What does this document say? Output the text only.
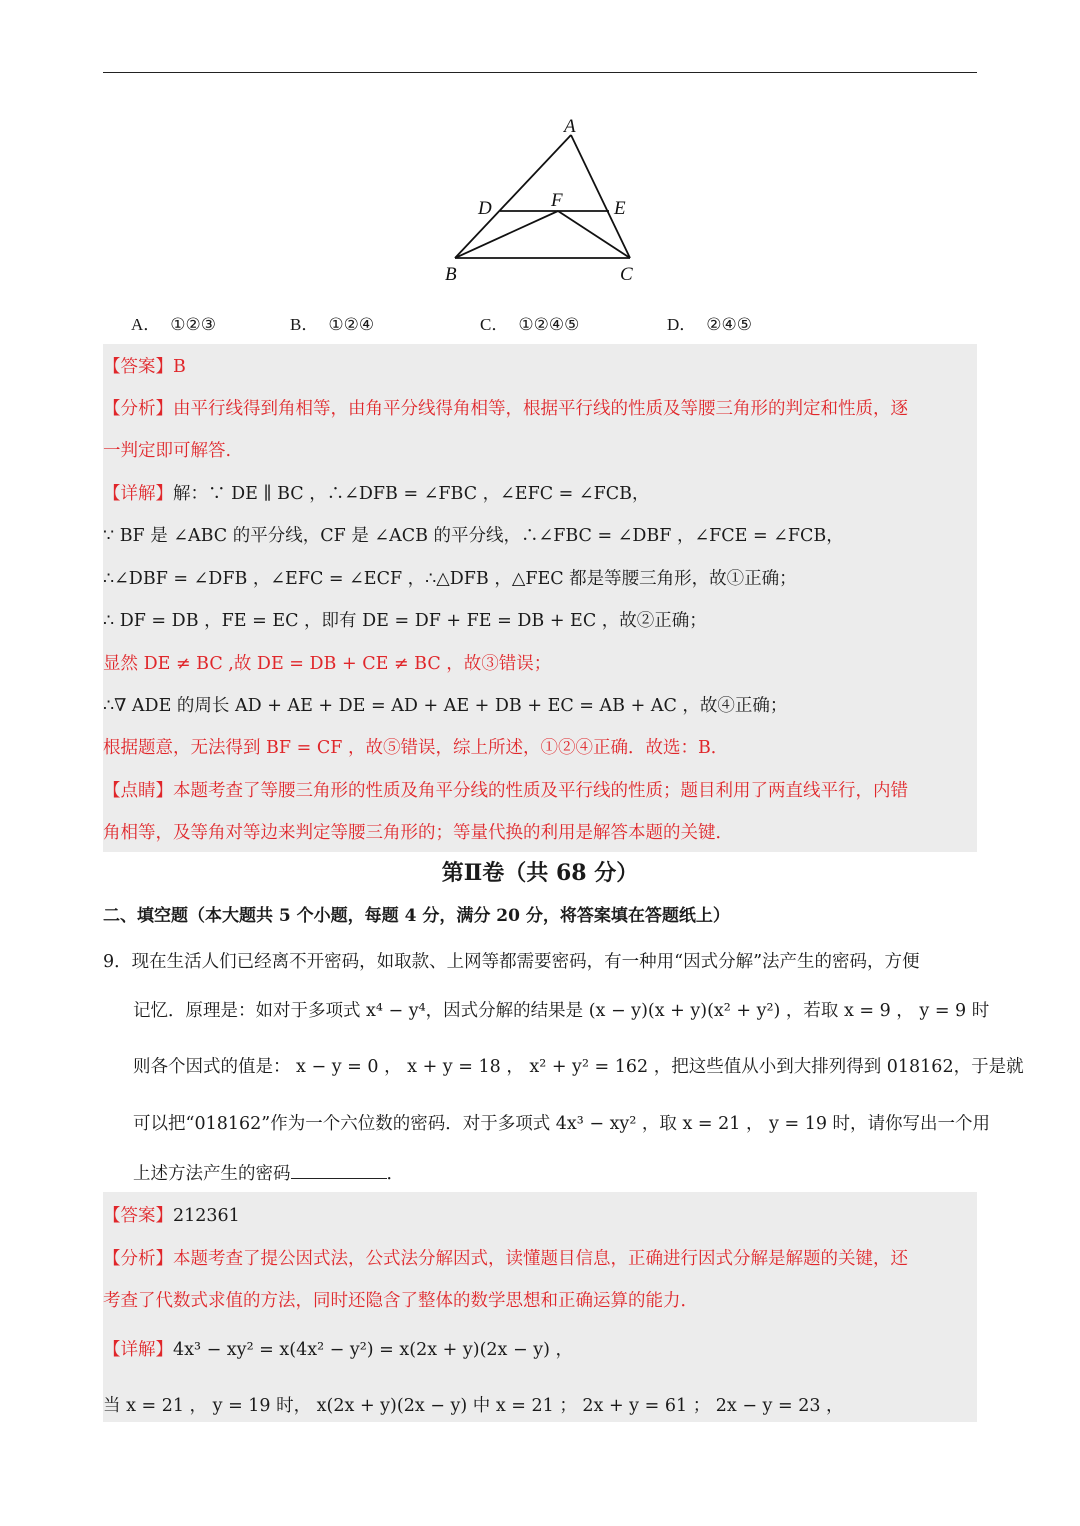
A
D	F	E
B	C
A． ①②③	B． ①②④	C． ①②④⑤	D． ②④⑤
【答案】B
【分析】由平行线得到角相等，由角平分线得角相等，根据平行线的性质及等腰三角形的判定和性质，逐
一判定即可解答.
【详解】解：∵ DE ∥ BC ，∴∠DFB = ∠FBC ，∠EFC = ∠FCB，
∵ BF 是 ∠ABC 的平分线，CF 是 ∠ACB 的平分线，∴∠FBC = ∠DBF ，∠FCE = ∠FCB，
∴∠DBF = ∠DFB ，∠EFC = ∠ECF ，∴△DFB ，△FEC 都是等腰三角形，故①正确；
∴ DF = DB ，FE = EC ，即有 DE = DF + FE = DB + EC ，故②正确；
显然 DE ≠ BC ,故 DE = DB + CE ≠ BC ，故③错误；
∴∇ ADE 的周长 AD + AE + DE = AD + AE + DB + EC = AB + AC ，故④正确；
根据题意，无法得到 BF = CF ，故⑤错误，综上所述，①②④正确．故选：B．
【点睛】本题考查了等腰三角形的性质及角平分线的性质及平行线的性质；题目利用了两直线平行，内错
角相等，及等角对等边来判定等腰三角形的；等量代换的利用是解答本题的关键．
第Ⅱ卷（共 68 分）
二、填空题（本大题共 5 个小题，每题 4 分，满分 20 分，将答案填在答题纸上）
9．现在生活人们已经离不开密码，如取款、上网等都需要密码，有一种用“因式分解”法产生的密码，方便
记忆．原理是：如对于多项式 x⁴ − y⁴，因式分解的结果是 (x − y)(x + y)(x² + y²) ，若取 x = 9 ， y = 9 时
则各个因式的值是： x − y = 0 ， x + y = 18 ， x² + y² = 162 ，把这些值从小到大排列得到 018162，于是就
可以把“018162”作为一个六位数的密码．对于多项式 4x³ − xy² ，取 x = 21 ， y = 19 时，请你写出一个用
上述方法产生的密码	．
【答案】212361
【分析】本题考查了提公因式法，公式法分解因式，读懂题目信息，正确进行因式分解是解题的关键，还
考查了代数式求值的方法，同时还隐含了整体的数学思想和正确运算的能力．
【详解】4x³ − xy² = x(4x² − y²) = x(2x + y)(2x − y) ，
当 x = 21 ， y = 19 时， x(2x + y)(2x − y) 中 x = 21 ； 2x + y = 61 ； 2x − y = 23 ，
